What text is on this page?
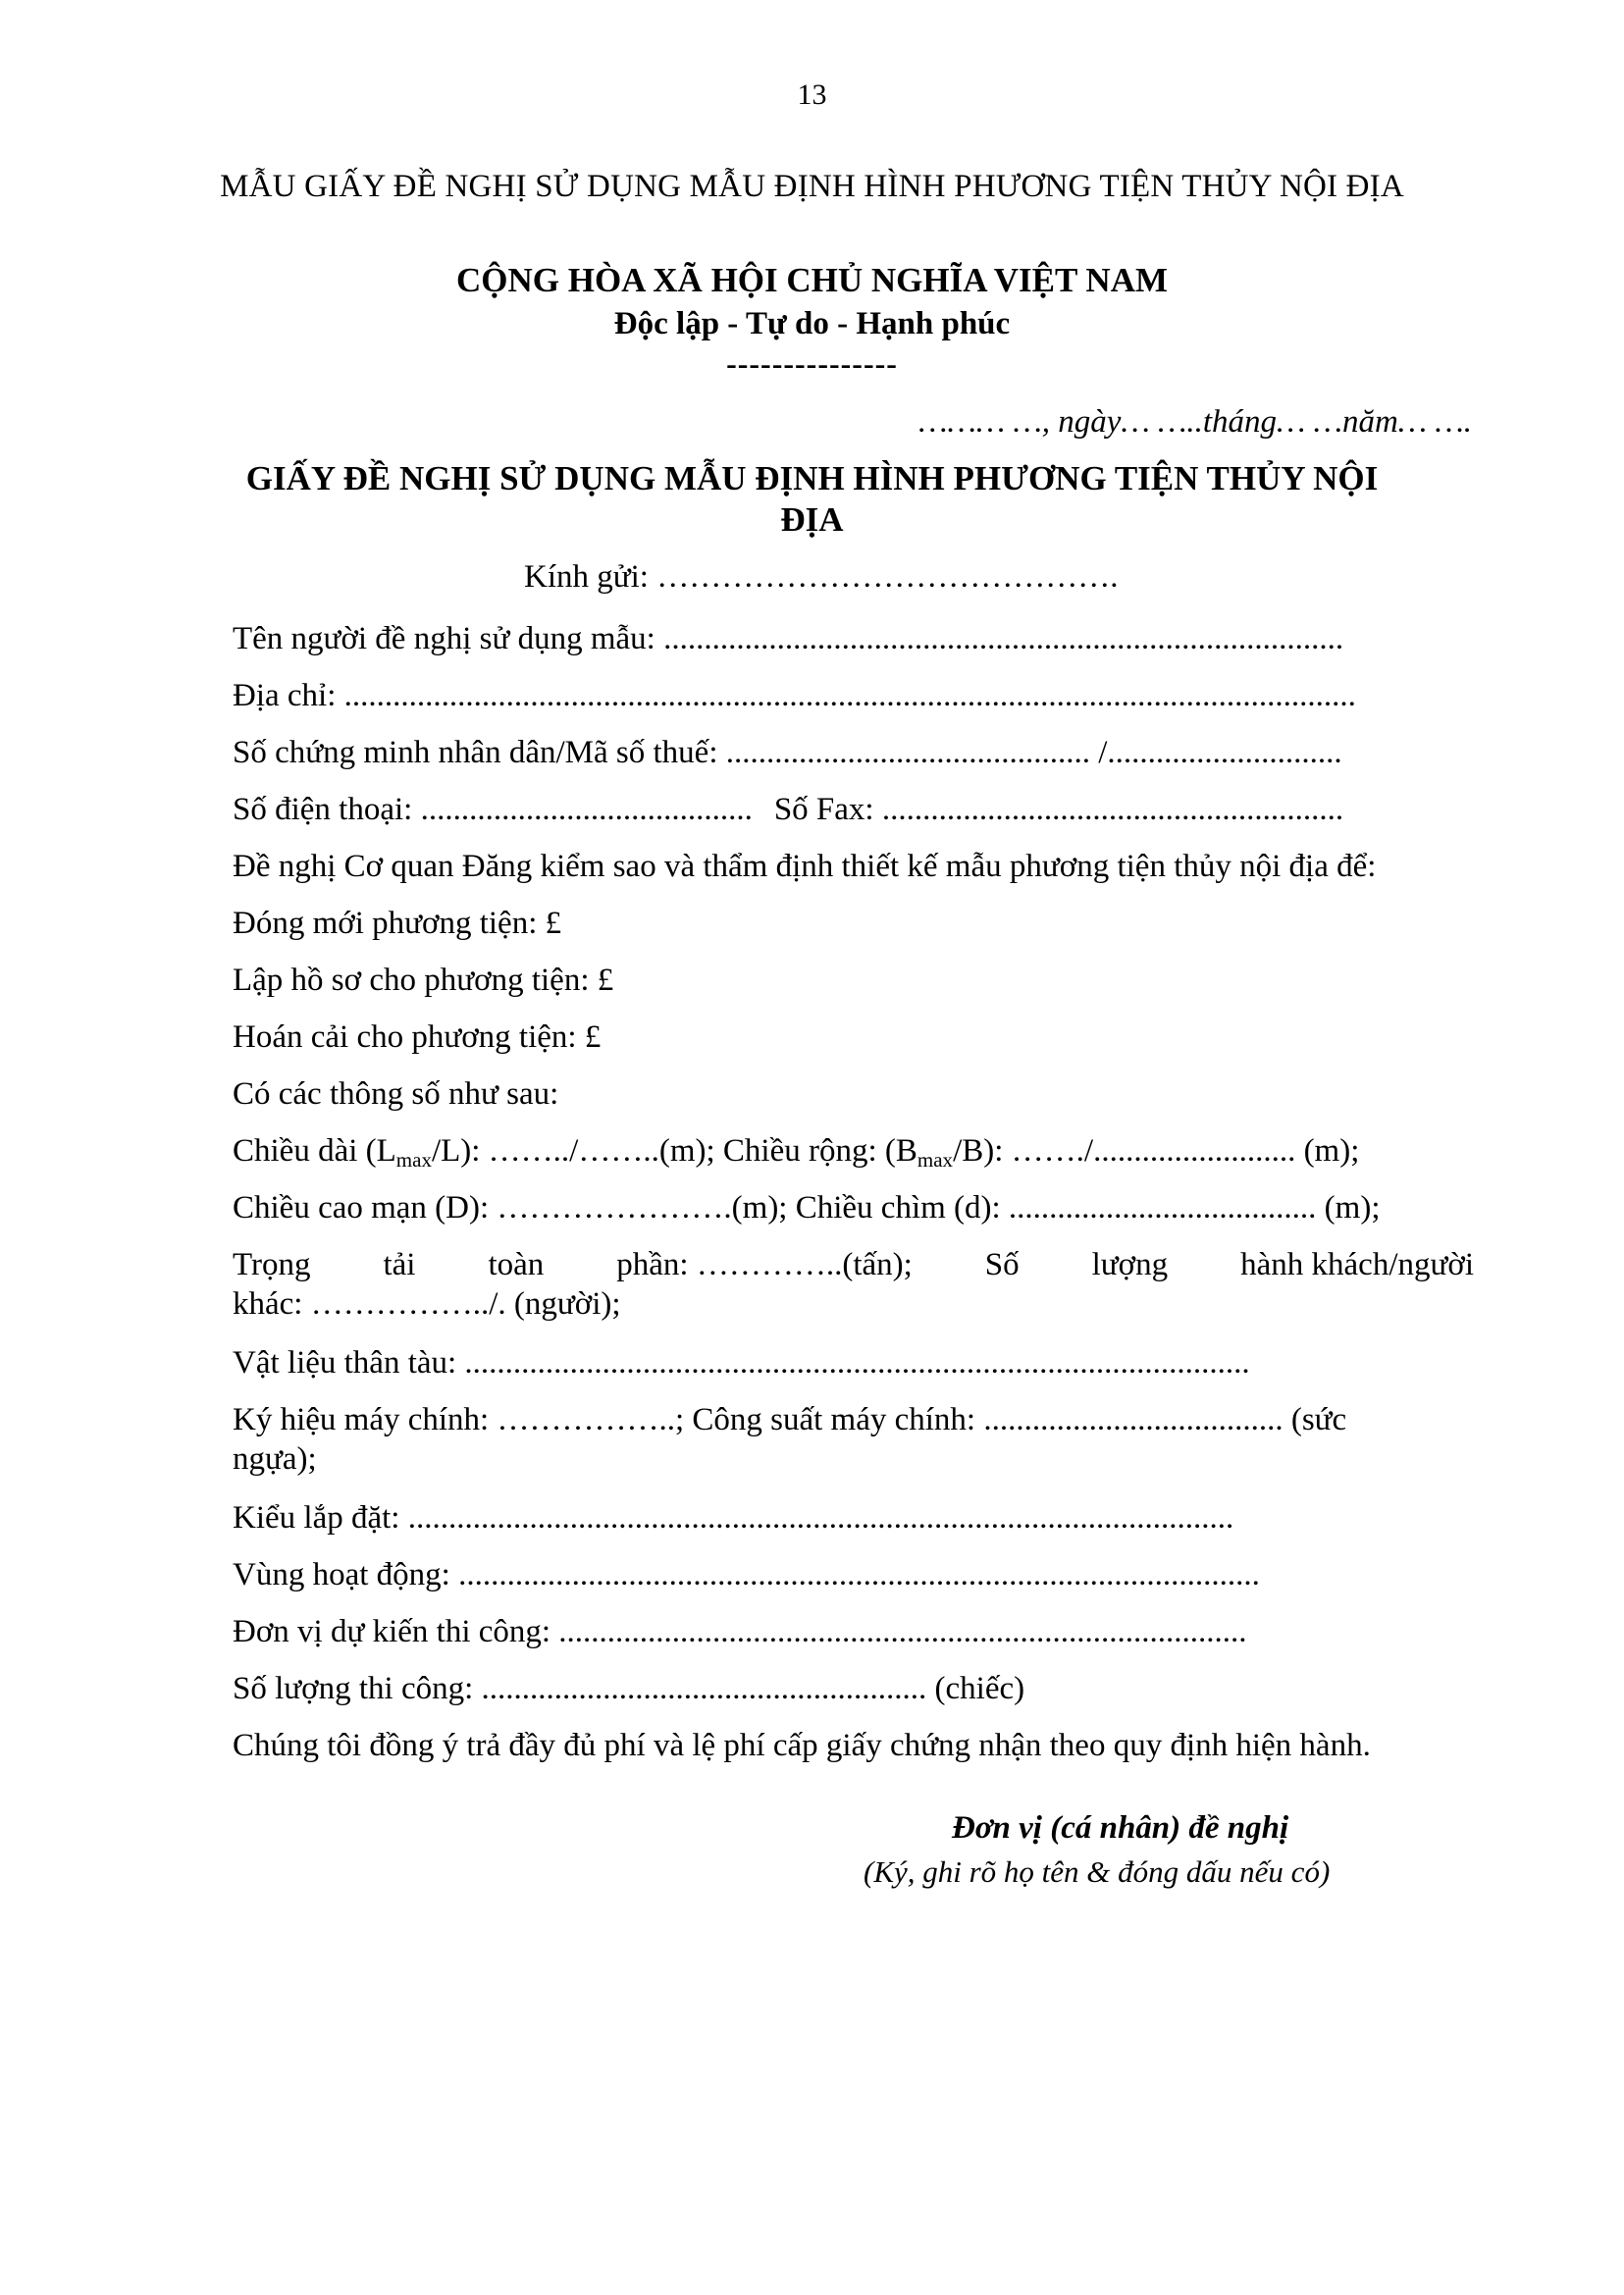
13
MẪU GIẤY ĐỀ NGHỊ SỬ DỤNG MẪU ĐỊNH HÌNH PHƯƠNG TIỆN THỦY NỘI ĐỊA
CỘNG HÒA XÃ HỘI CHỦ NGHĨA VIỆT NAM
Độc lập - Tự do - Hạnh phúc
---------------
……… …, ngày… …..tháng… …năm… ….
GIẤY ĐỀ NGHỊ SỬ DỤNG MẪU ĐỊNH HÌNH PHƯƠNG TIỆN THỦY NỘI
ĐỊA
Kính gửi: …………………………………….
Tên người đề nghị sử dụng mẫu: ....................................................................................
Địa chỉ: .............................................................................................................................
Số chứng minh nhân dân/Mã số thuế: ............................................. /.............................
Số điện thoại: ......................................... Số Fax: .........................................................
Đề nghị Cơ quan Đăng kiểm sao và thẩm định thiết kế mẫu phương tiện thủy nội địa để:
Đóng mới phương tiện: £
Lập hồ sơ cho phương tiện: £
Hoán cải cho phương tiện: £
Có các thông số như sau:
Chiều dài $(L_{max}/L)$: ……../……..(m); Chiều rộng: $(B_{max}/B)$: ……./......................... (m);
Chiều cao mạn (D): ………………….(m); Chiều chìm (d): ...................................... (m);
Trọng tải toàn phần: …………..(tấn); Số lượng hành khách/người
khác: ……………../. (người);
Vật liệu thân tàu: .................................................................................................
Ký hiệu máy chính: ……………..; Công suất máy chính: ..................................... (sức
ngựa);
Kiểu lắp đặt: ......................................................................................................
Vùng hoạt động: ...................................................................................................
Đơn vị dự kiến thi công: .....................................................................................
Số lượng thi công: ....................................................... (chiếc)
Chúng tôi đồng ý trả đầy đủ phí và lệ phí cấp giấy chứng nhận theo quy định hiện hành.
Đơn vị (cá nhân) đề nghị
(Ký, ghi rõ họ tên & đóng dấu nếu có)
